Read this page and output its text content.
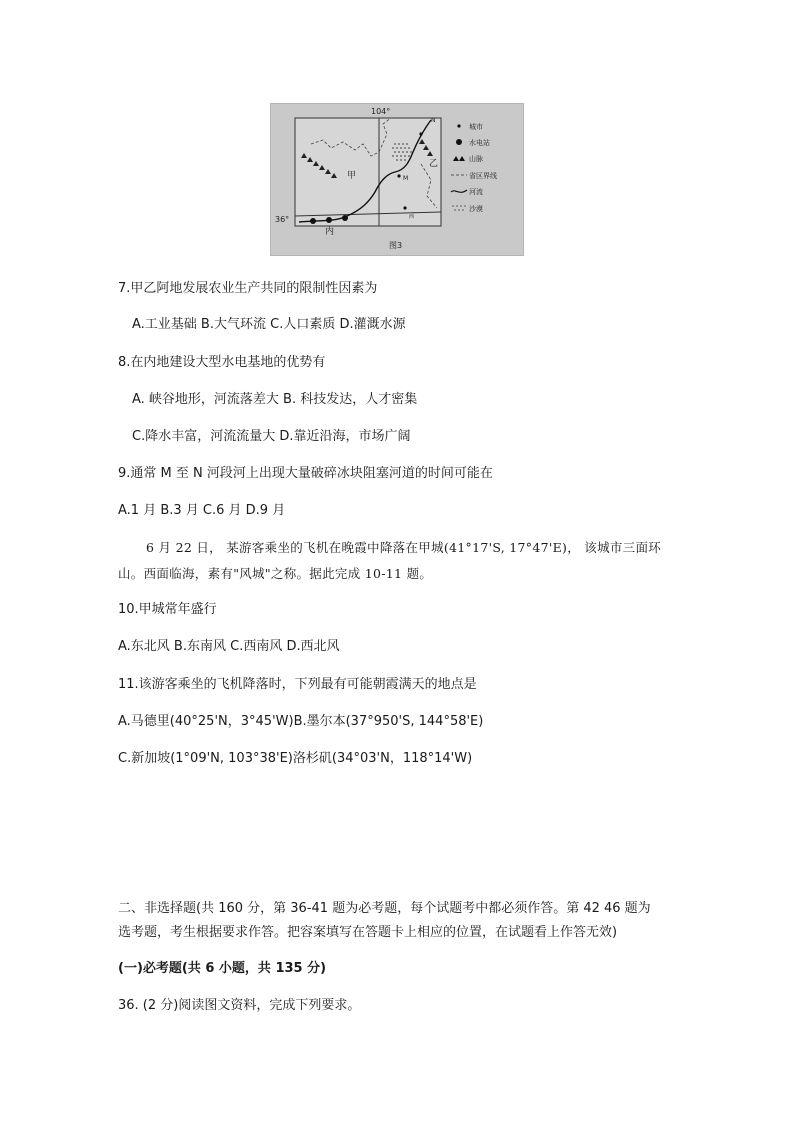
104°
36°
甲
乙
内
N
M
西
城市
水电站
山脉
省区界线
河流
沙漠
图3
7.甲乙阿地发展农业生产共同的限制性因素为
A.工业基础 B.大气环流 C.人口素质 D.灌溉水源
8.在内地建设大型水电基地的优势有
A. 峡谷地形，河流落差大 B. 科技发达，人才密集
C.降水丰富，河流流量大 D.靠近沿海，市场广阔
9.通常 M 至 N 河段河上出现大量破碎冰块阻塞河道的时间可能在
A.1 月 B.3 月 C.6 月 D.9 月
6 月 22 日， 某游客乘坐的飞机在晚霞中降落在甲城(41°17'S, 17°47'E)， 该城市三面环
山。西面临海，素有"风城"之称。据此完成 10-11 题。
10.甲城常年盛行
A.东北风 B.东南风 C.西南风 D.西北风
11.该游客乘坐的飞机降落时，下列最有可能朝霞满天的地点是
A.马德里(40°25'N，3°45'W)B.墨尔本(37°950'S, 144°58'E)
C.新加坡(1°09'N, 103°38'E)洛杉矶(34°03'N，118°14'W)
二、非选择题(共 160 分，第 36-41 题为必考题，每个试题考中都必须作答。第 42 46 题为
选考题，考生根据要求作答。把容案填写在答题卡上相应的位置，在试题看上作答无效)
(一)必考题(共 6 小题，共 135 分)
36. (2 分)阅读图文资料，完成下列要求。
